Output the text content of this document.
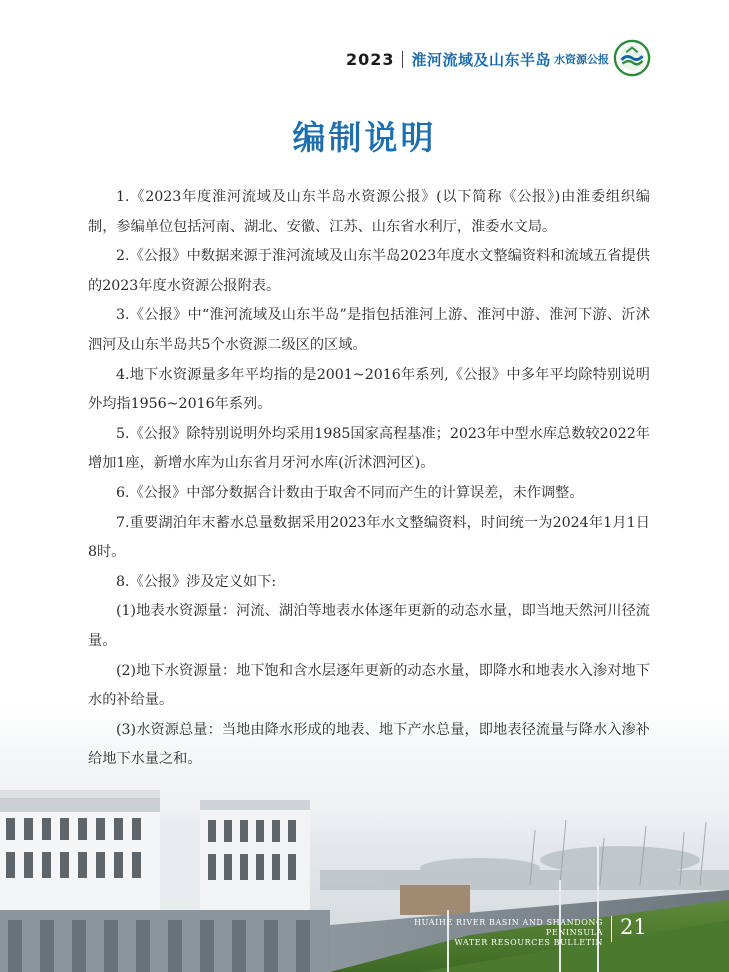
2023 淮河流域及山东半岛 水资源公报
编制说明

1.《2023年度淮河流域及山东半岛水资源公报》(以下简称《公报》)由淮委组织编制，参编单位包括河南、湖北、安徽、江苏、山东省水利厅，淮委水文局。

2.《公报》中数据来源于淮河流域及山东半岛2023年度水文整编资料和流域五省提供的2023年度水资源公报附表。

3.《公报》中“淮河流域及山东半岛”是指包括淮河上游、淮河中游、淮河下游、沂沭泗河及山东半岛共5个水资源二级区的区域。

4.地下水资源量多年平均指的是2001~2016年系列,《公报》中多年平均除特别说明外均指1956~2016年系列。

5.《公报》除特别说明外均采用1985国家高程基准；2023年中型水库总数较2022年增加1座，新增水库为山东省月牙河水库(沂沭泗河区)。

6.《公报》中部分数据合计数由于取舍不同而产生的计算误差，未作调整。

7.重要湖泊年末蓄水总量数据采用2023年水文整编资料，时间统一为2024年1月1日8时。

8.《公报》涉及定义如下:

(1)地表水资源量：河流、湖泊等地表水体逐年更新的动态水量，即当地天然河川径流量。

(2)地下水资源量：地下饱和含水层逐年更新的动态水量，即降水和地表水入渗对地下水的补给量。

(3)水资源总量：当地由降水形成的地表、地下产水总量，即地表径流量与降水入渗补给地下水量之和。

HUAIHE RIVER BASIN AND SHANDONG PENINSULA
WATER RESOURCES BULLETIN
21
